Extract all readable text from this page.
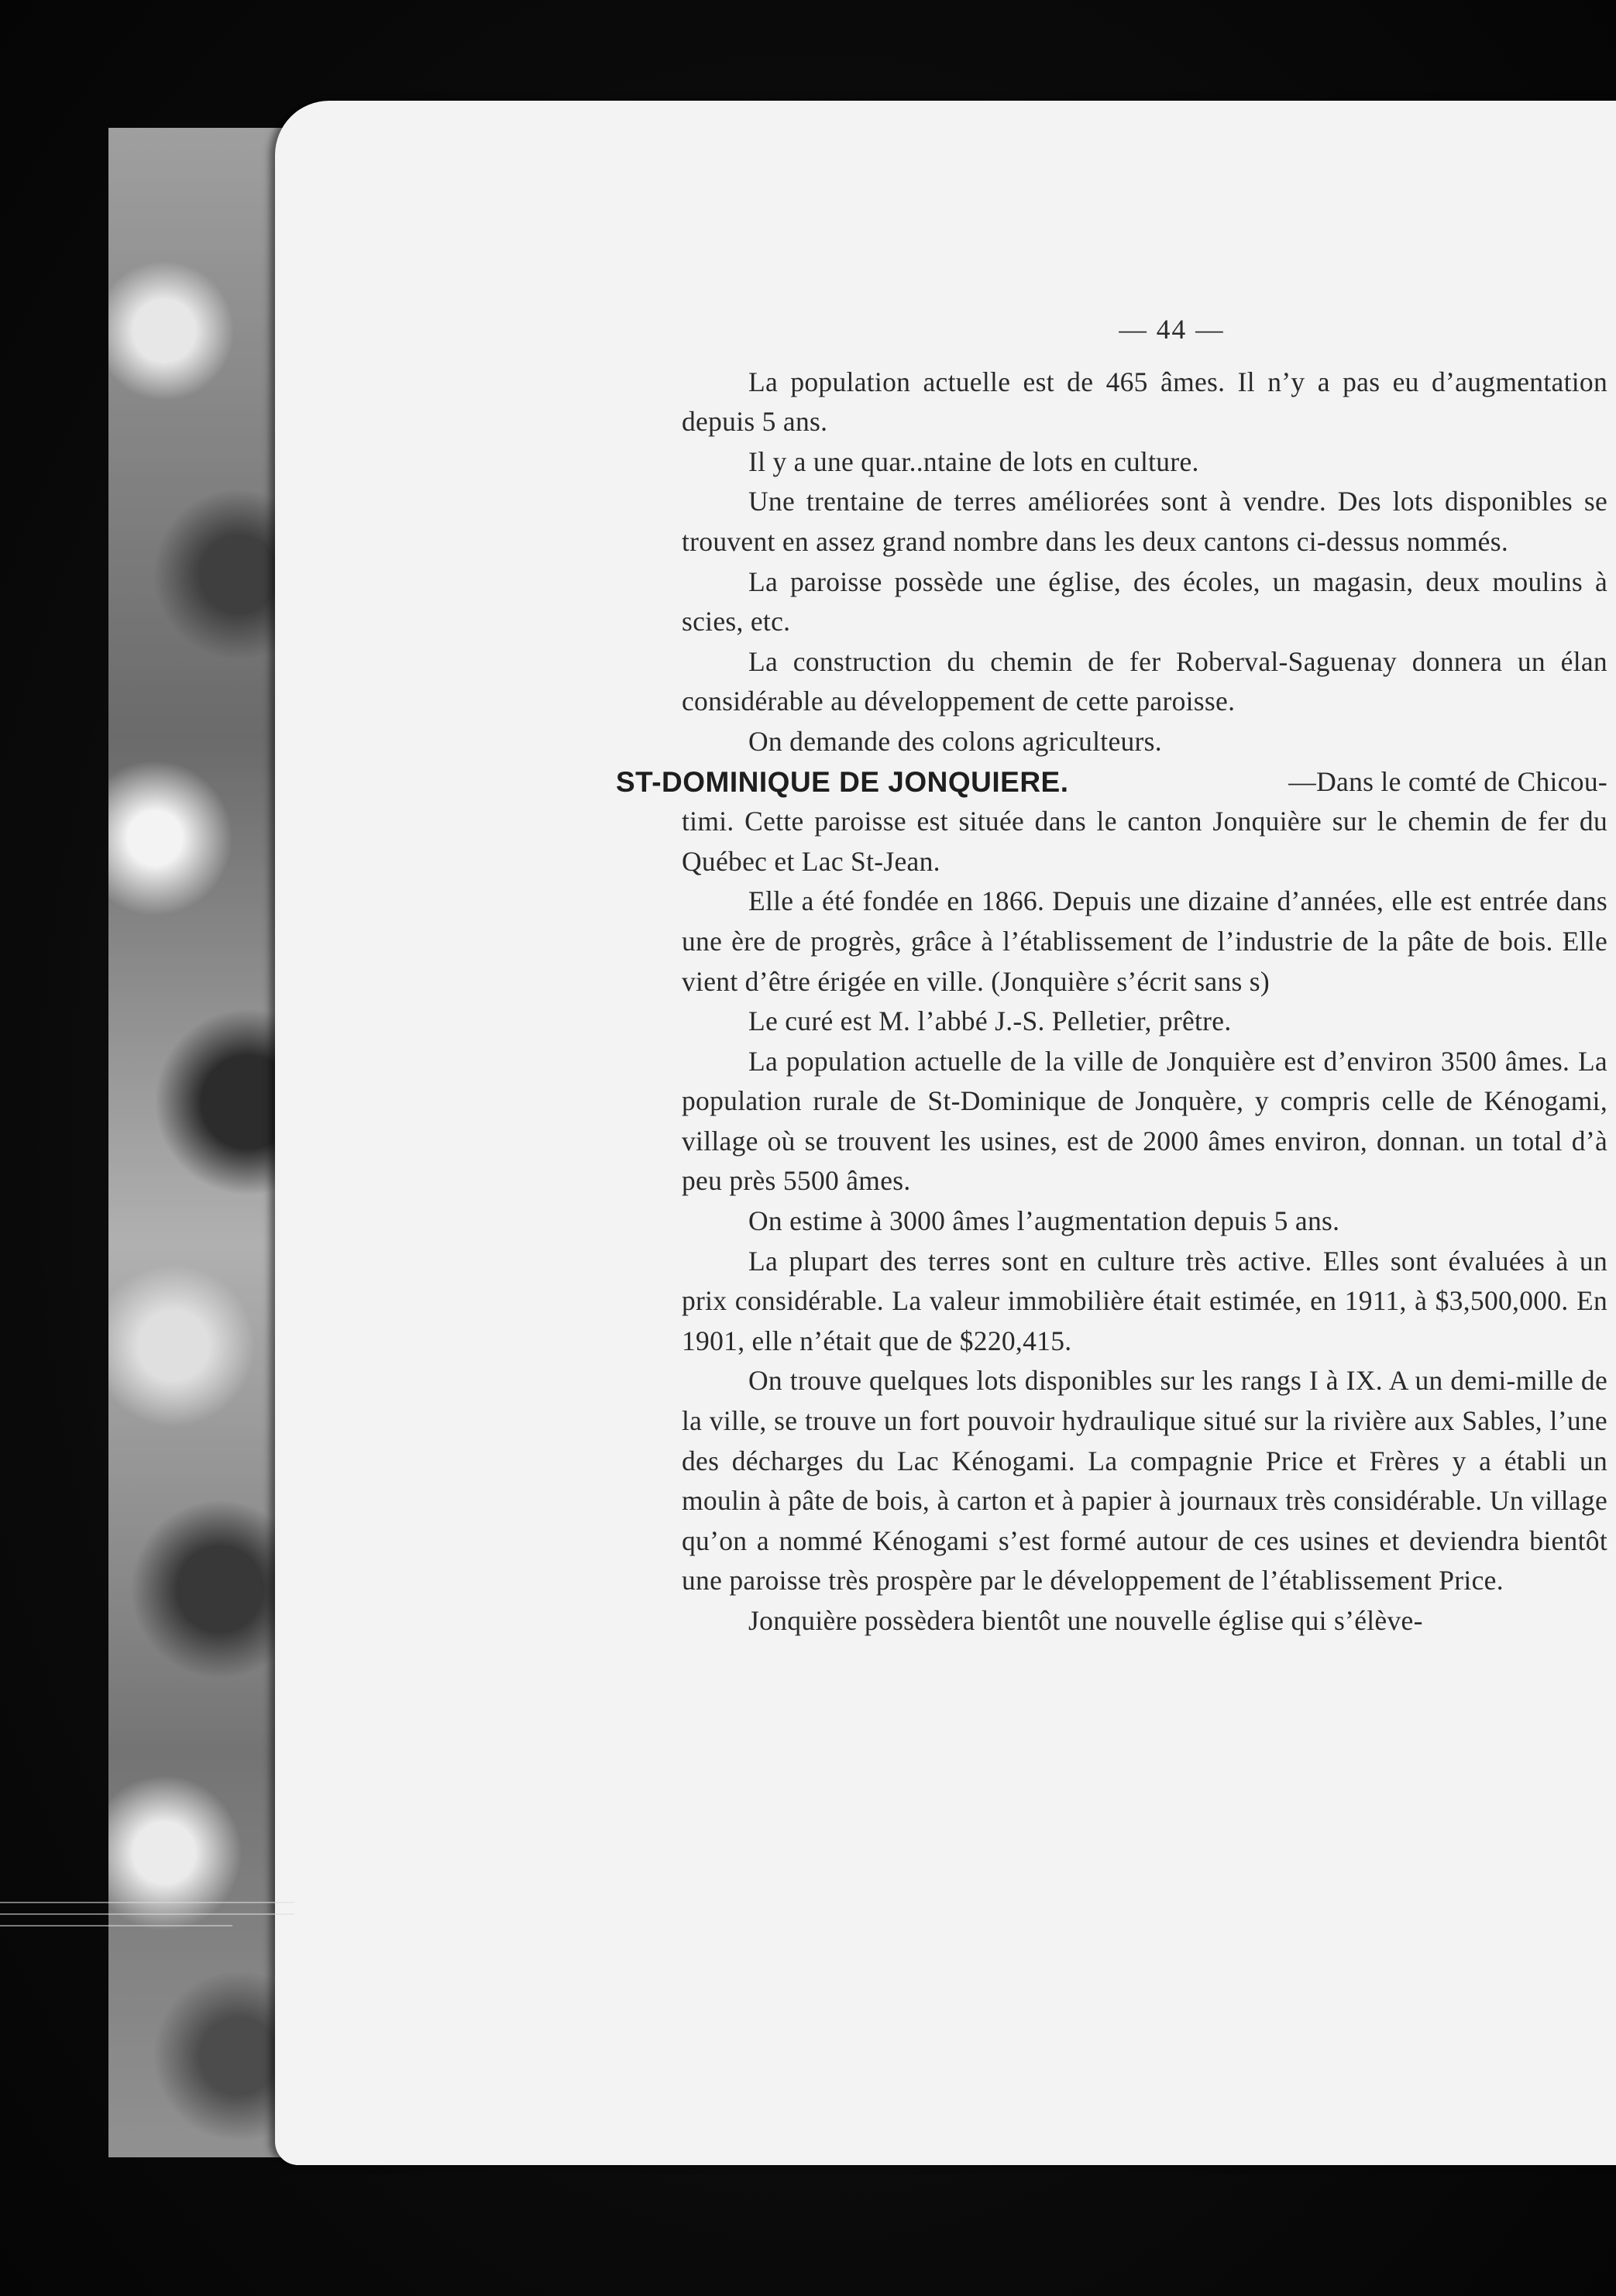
— 44 —

La population actuelle est de 465 âmes. Il n’y a pas eu d’augmentation depuis 5 ans.

Il y a une quar..ntaine de lots en culture.

Une trentaine de terres améliorées sont à vendre. Des lots disponibles se trouvent en assez grand nombre dans les deux cantons ci-dessus nommés.

La paroisse possède une église, des écoles, un magasin, deux moulins à scies, etc.

La construction du chemin de fer Roberval-Saguenay donnera un élan considérable au développement de cette paroisse.

On demande des colons agriculteurs.

ST-DOMINIQUE DE JONQUIERE.	—Dans le comté de Chicou-
timi. Cette paroisse est située dans le canton Jonquière sur le chemin de fer du Québec et Lac St-Jean.

Elle a été fondée en 1866. Depuis une dizaine d’années, elle est entrée dans une ère de progrès, grâce à l’établissement de l’industrie de la pâte de bois. Elle vient d’être érigée en ville. (Jonquière s’écrit sans s)

Le curé est M. l’abbé J.-S. Pelletier, prêtre.

La population actuelle de la ville de Jonquière est d’environ 3500 âmes. La population rurale de St-Dominique de Jonquère, y compris celle de Kénogami, village où se trouvent les usines, est de 2000 âmes environ, donnan. un total d’à peu près 5500 âmes.

On estime à 3000 âmes l’augmentation depuis 5 ans.

La plupart des terres sont en culture très active. Elles sont évaluées à un prix considérable. La valeur immobilière était estimée, en 1911, à $3,500,000. En 1901, elle n’était que de $220,415.

On trouve quelques lots disponibles sur les rangs I à IX. A un demi-mille de la ville, se trouve un fort pouvoir hydraulique situé sur la rivière aux Sables, l’une des décharges du Lac Kénogami. La compagnie Price et Frères y a établi un moulin à pâte de bois, à carton et à papier à journaux très considérable. Un village qu’on a nommé Kénogami s’est formé autour de ces usines et deviendra bientôt une paroisse très prospère par le développement de l’établissement Price.

Jonquière possèdera bientôt une nouvelle église qui s’élève-
